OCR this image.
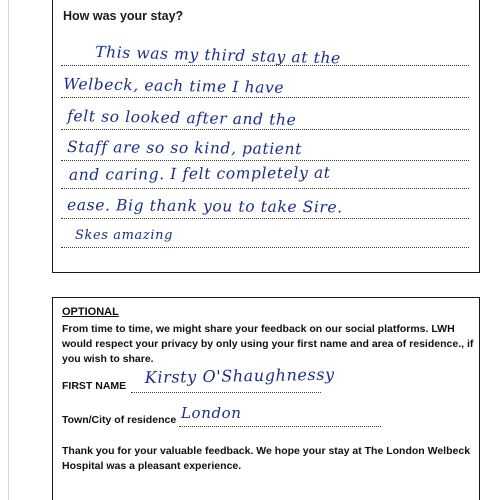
How was your stay?
This was my third stay at the
Welbeck, each time I have
felt so looked after and the
Staff are so so kind, patient
and caring. I felt completely at
ease. Big thank you to take Sire.
Skes amazing
OPTIONAL
From time to time, we might share your feedback on our social platforms. LWH would respect your privacy by only using your first name and area of residence., if you wish to share.
FIRST NAME Kirsty O'Shaughnessy
Town/City of residence London
Thank you for your valuable feedback. We hope your stay at The London Welbeck Hospital was a pleasant experience.
